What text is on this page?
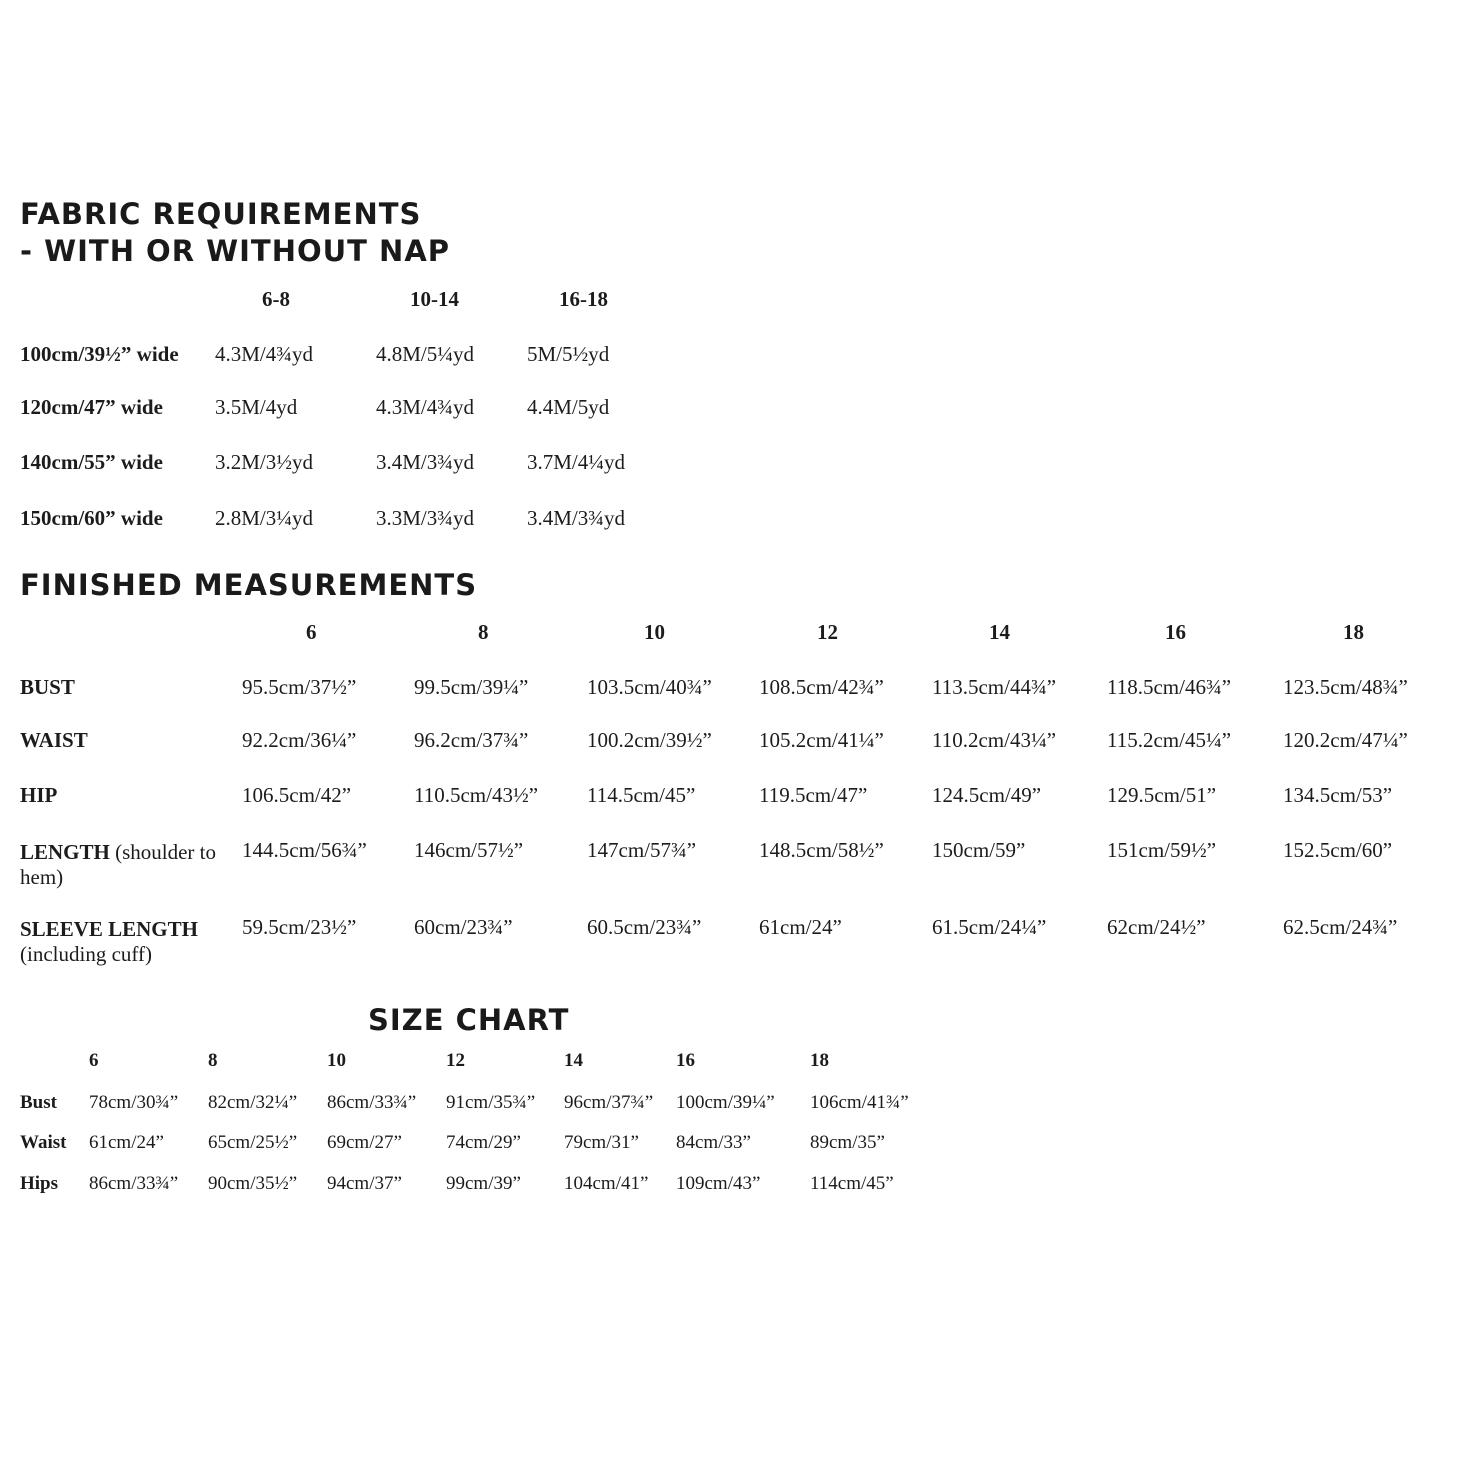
FABRIC REQUIREMENTS
- WITH OR WITHOUT NAP
6-8	10-14	16-18
100cm/39½” wide 4.3M/4¾yd	4.8M/5¼yd	5M/5½yd
120cm/47” wide 3.5M/4yd	4.3M/4¾yd	4.4M/5yd
140cm/55” wide 3.2M/3½yd	3.4M/3¾yd	3.7M/4¼yd
150cm/60” wide 2.8M/3¼yd	3.3M/3¾yd	3.4M/3¾yd
FINISHED MEASUREMENTS
6	8	10	12	14	16	18
BUST	95.5cm/37½”	99.5cm/39¼”	103.5cm/40¾” 108.5cm/42¾” 113.5cm/44¾” 118.5cm/46¾” 123.5cm/48¾”
WAIST	92.2cm/36¼”	96.2cm/37¾”	100.2cm/39½” 105.2cm/41¼” 110.2cm/43¼” 115.2cm/45¼” 120.2cm/47¼”
HIP	106.5cm/42”	110.5cm/43½” 114.5cm/45”	119.5cm/47”	124.5cm/49”	129.5cm/51”	134.5cm/53”
LENGTH (shoulder to hem)
144.5cm/56¾” 146cm/57½”	147cm/57¾”	148.5cm/58½” 150cm/59”	151cm/59½”	152.5cm/60”
SLEEVE LENGTH (including cuff)
59.5cm/23½”	60cm/23¾”	60.5cm/23¾”	61cm/24”	61.5cm/24¼”	62cm/24½”	62.5cm/24¾”
SIZE CHART
6	8	10	12	14	16	18
Bust 78cm/30¾” 82cm/32¼” 86cm/33¾” 91cm/35¾” 96cm/37¾” 100cm/39¼” 106cm/41¾”
Waist 61cm/24” 65cm/25½” 69cm/27” 74cm/29” 79cm/31” 84cm/33”	89cm/35”
Hips 86cm/33¾” 90cm/35½” 94cm/37” 99cm/39” 104cm/41” 109cm/43”	114cm/45”
